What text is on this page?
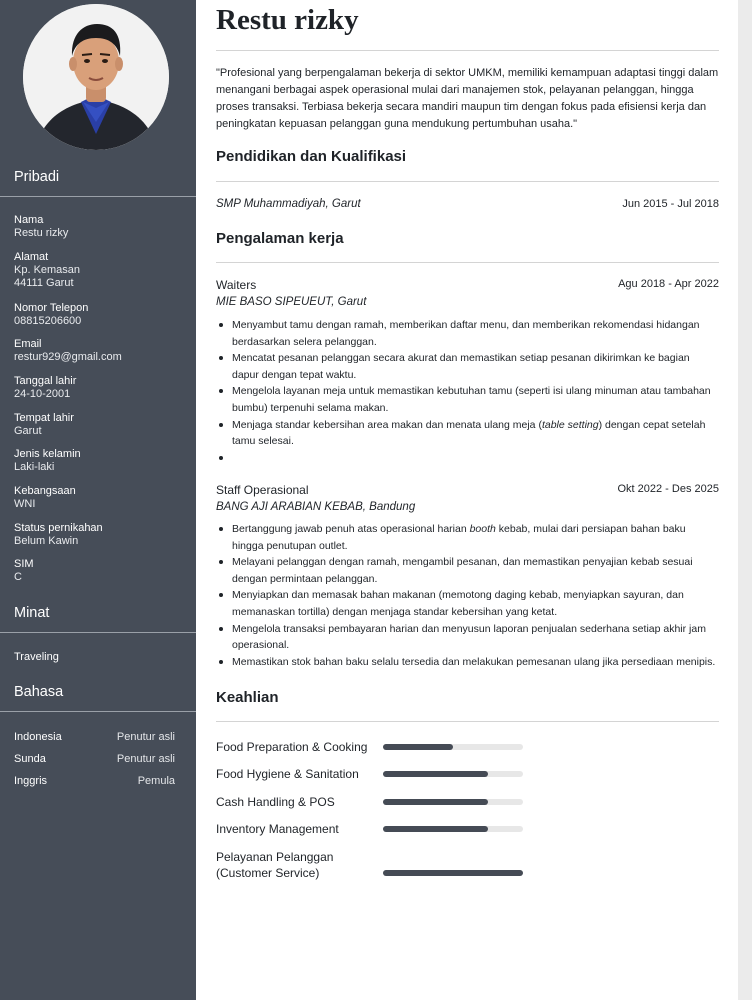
Pribadi
Nama
Restu rizky
Alamat
Kp. Kemasan
44111 Garut
Nomor Telepon
08815206600
Email
restur929@gmail.com
Tanggal lahir
24-10-2001
Tempat lahir
Garut
Jenis kelamin
Laki-laki
Kebangsaan
WNI
Status pernikahan
Belum Kawin
SIM
C
Minat
Traveling
Bahasa
Indonesia	Penutur asli
Sunda	Penutur asli
Inggris	Pemula
Restu rizky

"Profesional yang berpengalaman bekerja di sektor UMKM, memiliki kemampuan adaptasi tinggi dalam menangani berbagai aspek operasional mulai dari manajemen stok, pelayanan pelanggan, hingga proses transaksi. Terbiasa bekerja secara mandiri maupun tim dengan fokus pada efisiensi kerja dan peningkatan kepuasan pelanggan guna mendukung pertumbuhan usaha."

Pendidikan dan Kualifikasi
SMP Muhammadiyah, Garut	Jun 2015 - Jul 2018
Pengalaman kerja
Waiters	Agu 2018 - Apr 2022
MIE BASO SIPEUEUT, Garut
Menyambut tamu dengan ramah, memberikan daftar menu, dan memberikan rekomendasi hidangan
berdasarkan selera pelanggan.
Mencatat pesanan pelanggan secara akurat dan memastikan setiap pesanan dikirimkan ke bagian
dapur dengan tepat waktu.
Mengelola layanan meja untuk memastikan kebutuhan tamu (seperti isi ulang minuman atau tambahan
bumbu) terpenuhi selama makan.
Menjaga standar kebersihan area makan dan menata ulang meja (table setting) dengan cepat setelah
tamu selesai.
Staff Operasional	Okt 2022 - Des 2025
BANG AJI ARABIAN KEBAB, Bandung
Bertanggung jawab penuh atas operasional harian booth kebab, mulai dari persiapan bahan baku
hingga penutupan outlet.
Melayani pelanggan dengan ramah, mengambil pesanan, dan memastikan penyajian kebab sesuai
dengan permintaan pelanggan.
Menyiapkan dan memasak bahan makanan (memotong daging kebab, menyiapkan sayuran, dan
memanaskan tortilla) dengan menjaga standar kebersihan yang ketat.
Mengelola transaksi pembayaran harian dan menyusun laporan penjualan sederhana setiap akhir jam
operasional.
Memastikan stok bahan baku selalu tersedia dan melakukan pemesanan ulang jika persediaan menipis.
Keahlian
Food Preparation & Cooking
Food Hygiene & Sanitation
Cash Handling & POS
Inventory Management
Pelayanan Pelanggan
(Customer Service)
